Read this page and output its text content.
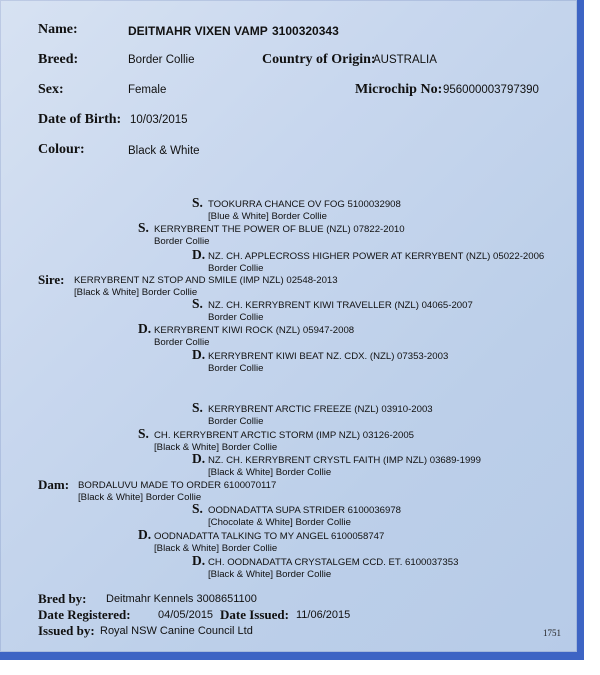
Name:	DEITMAHR VIXEN VAMP 3100320343
Breed:	Border Collie	Country of Origin:
AUSTRALIA
Sex:	Female	Microchip No: 956000003797390
Date of Birth: 10/03/2015
Colour:	Black & White
S. TOOKURRA CHANCE OV FOG 5100032908
[Blue & White] Border Collie
S. KERRYBRENT THE POWER OF BLUE (NZL) 07822-2010
Border Collie
D. NZ. CH. APPLECROSS HIGHER POWER AT KERRYBENT (NZL) 05022-2006
Border Collie
Sire: KERRYBRENT NZ STOP AND SMILE (IMP NZL) 02548-2013
[Black & White] Border Collie
S. NZ. CH. KERRYBRENT KIWI TRAVELLER (NZL) 04065-2007
Border Collie
D. KERRYBRENT KIWI ROCK (NZL) 05947-2008
Border Collie
D. KERRYBRENT KIWI BEAT NZ. CDX. (NZL) 07353-2003
Border Collie
S. KERRYBRENT ARCTIC FREEZE (NZL) 03910-2003
Border Collie
S. CH. KERRYBRENT ARCTIC STORM (IMP NZL) 03126-2005
[Black & White] Border Collie
D. NZ. CH. KERRYBRENT CRYSTL FAITH (IMP NZL) 03689-1999
[Black & White] Border Collie
Dam: BORDALUVU MADE TO ORDER 6100070117
[Black & White] Border Collie
S. OODNADATTA SUPA STRIDER 6100036978
[Chocolate & White] Border Collie
D. OODNADATTA TALKING TO MY ANGEL 6100058747
[Black & White] Border Collie
D. CH. OODNADATTA CRYSTALGEM CCD. ET. 6100037353
[Black & White] Border Collie
Bred by: Deitmahr Kennels 3008651100
Date Registered: 04/05/2015 Date Issued: 11/06/2015
Issued by: Royal NSW Canine Council Ltd	1751
